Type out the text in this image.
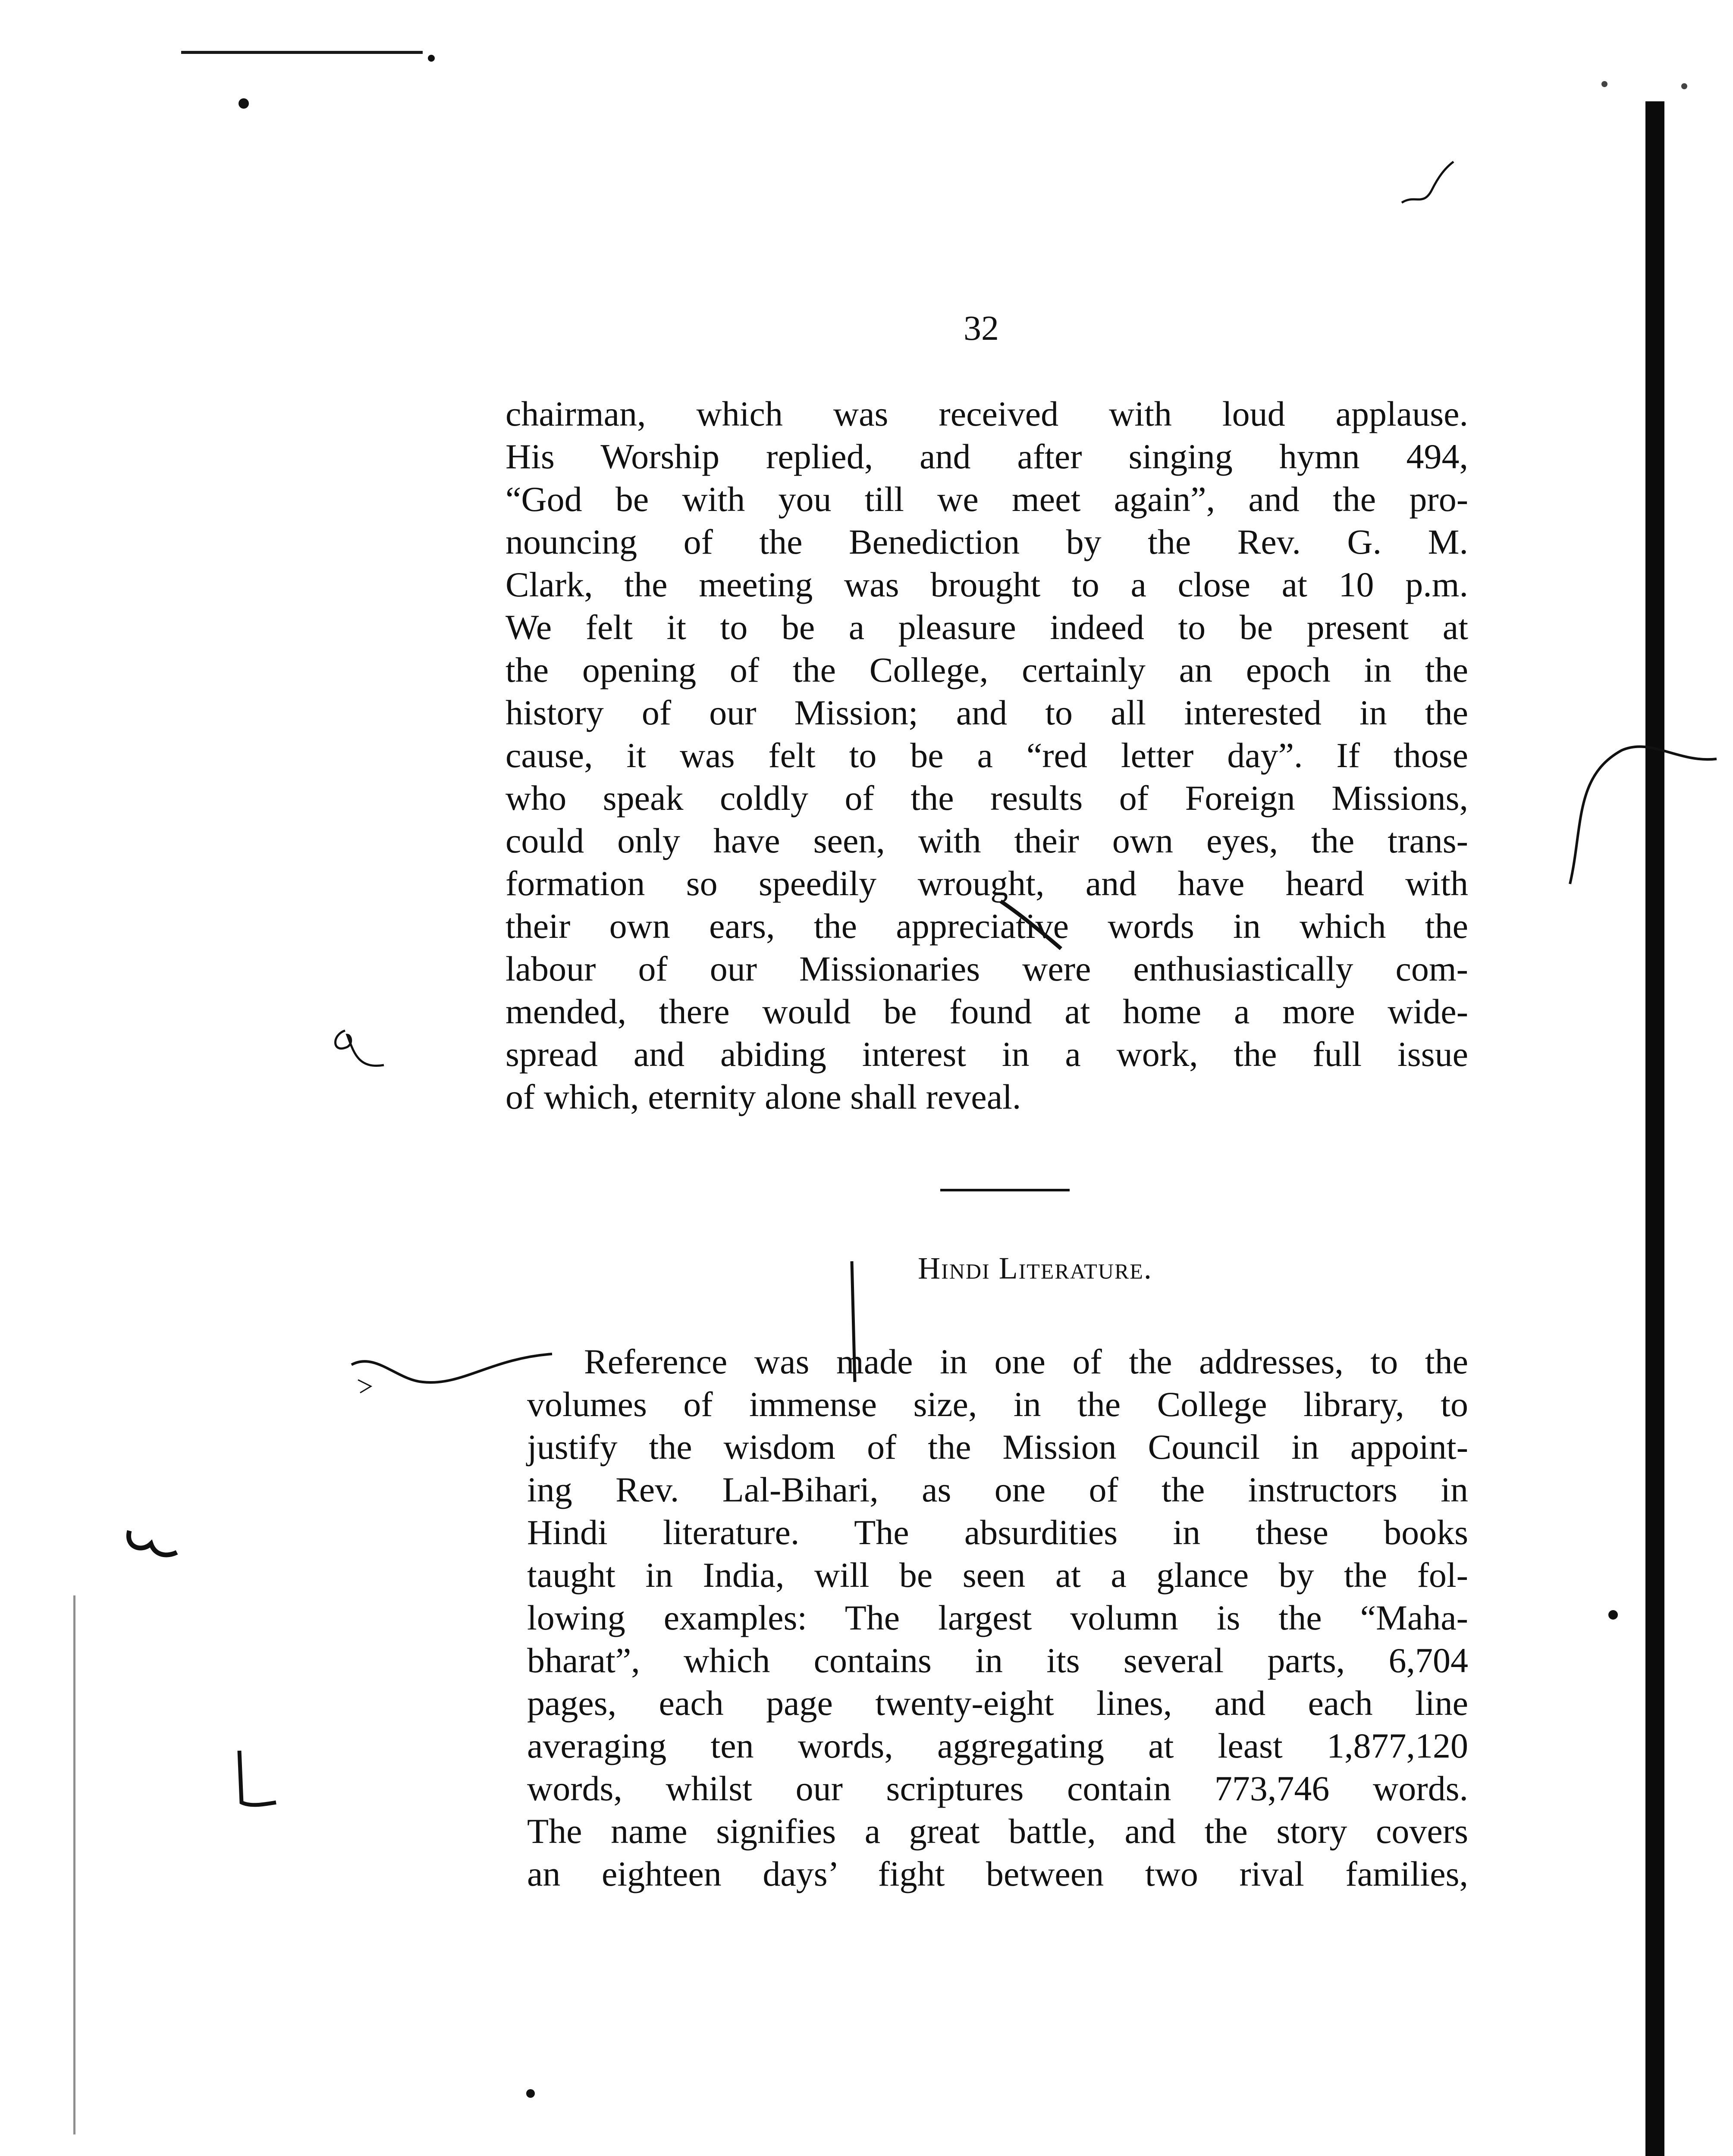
32
chairman, which was received with loud applause.
His Worship replied, and after singing hymn 494,
“God be with you till we meet again”, and the pro-
nouncing of the Benediction by the Rev. G. M.
Clark, the meeting was brought to a close at 10 p.m.
We felt it to be a pleasure indeed to be present at
the opening of the College, certainly an epoch in the
history of our Mission; and to all interested in the
cause, it was felt to be a “red letter day”. If those
who speak coldly of the results of Foreign Missions,
could only have seen, with their own eyes, the trans-
formation so speedily wrought, and have heard with
their own ears, the appreciative words in which the
labour of our Missionaries were enthusiastically com-
mended, there would be found at home a more wide-
spread and abiding interest in a work, the full issue
of which, eternity alone shall reveal.
Hindi Literature.
Reference was made in one of the addresses, to the
volumes of immense size, in the College library, to
justify the wisdom of the Mission Council in appoint-
ing Rev. Lal-Bihari, as one of the instructors in
Hindi literature. The absurdities in these books
taught in India, will be seen at a glance by the fol-
lowing examples: The largest volumn is the “Maha-
bharat”, which contains in its several parts, 6,704
pages, each page twenty-eight lines, and each line
averaging ten words, aggregating at least 1,877,120
words, whilst our scriptures contain 773,746 words.
The name signifies a great battle, and the story covers
an eighteen days’ fight between two rival families,
